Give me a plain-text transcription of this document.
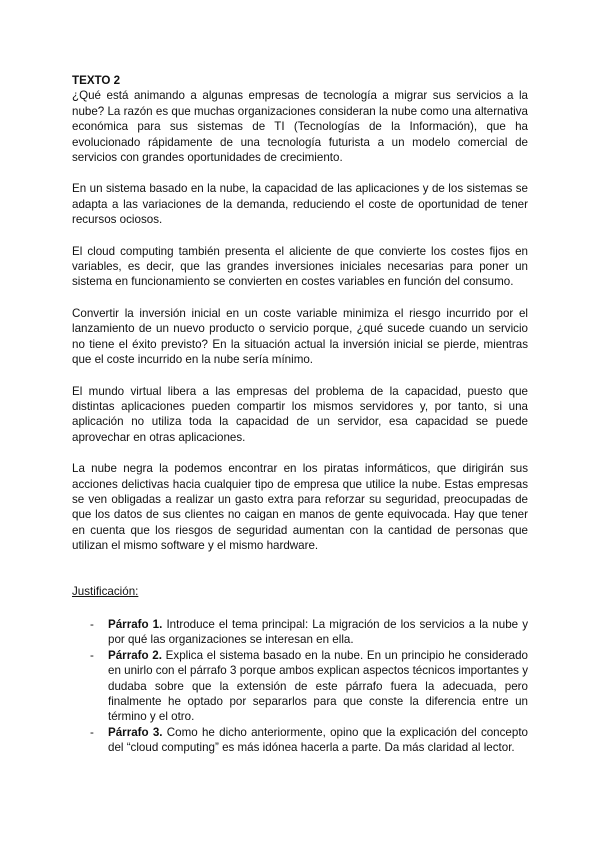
TEXTO 2

¿Qué está animando a algunas empresas de tecnología a migrar sus servicios a la nube? La razón es que muchas organizaciones consideran la nube como una alternativa económica para sus sistemas de TI (Tecnologías de la Información), que ha evolucionado rápidamente de una tecnología futurista a un modelo comercial de servicios con grandes oportunidades de crecimiento.

En un sistema basado en la nube, la capacidad de las aplicaciones y de los sistemas se adapta a las variaciones de la demanda, reduciendo el coste de oportunidad de tener recursos ociosos.

El cloud computing también presenta el aliciente de que convierte los costes fijos en variables, es decir, que las grandes inversiones iniciales necesarias para poner un sistema en funcionamiento se convierten en costes variables en función del consumo.

Convertir la inversión inicial en un coste variable minimiza el riesgo incurrido por el lanzamiento de un nuevo producto o servicio porque, ¿qué sucede cuando un servicio no tiene el éxito previsto? En la situación actual la inversión inicial se pierde, mientras que el coste incurrido en la nube sería mínimo.

El mundo virtual libera a las empresas del problema de la capacidad, puesto que distintas aplicaciones pueden compartir los mismos servidores y, por tanto, si una aplicación no utiliza toda la capacidad de un servidor, esa capacidad se puede aprovechar en otras aplicaciones.

La nube negra la podemos encontrar en los piratas informáticos, que dirigirán sus acciones delictivas hacia cualquier tipo de empresa que utilice la nube. Estas empresas se ven obligadas a realizar un gasto extra para reforzar su seguridad, preocupadas de que los datos de sus clientes no caigan en manos de gente equivocada. Hay que tener en cuenta que los riesgos de seguridad aumentan con la cantidad de personas que utilizan el mismo software y el mismo hardware.

Justificación:

- Párrafo 1. Introduce el tema principal: La migración de los servicios a la nube y por qué las organizaciones se interesan en ella.
- Párrafo 2. Explica el sistema basado en la nube. En un principio he considerado en unirlo con el párrafo 3 porque ambos explican aspectos técnicos importantes y dudaba sobre que la extensión de este párrafo fuera la adecuada, pero finalmente he optado por separarlos para que conste la diferencia entre un término y el otro.
- Párrafo 3. Como he dicho anteriormente, opino que la explicación del concepto del “cloud computing” es más idónea hacerla a parte. Da más claridad al lector.
